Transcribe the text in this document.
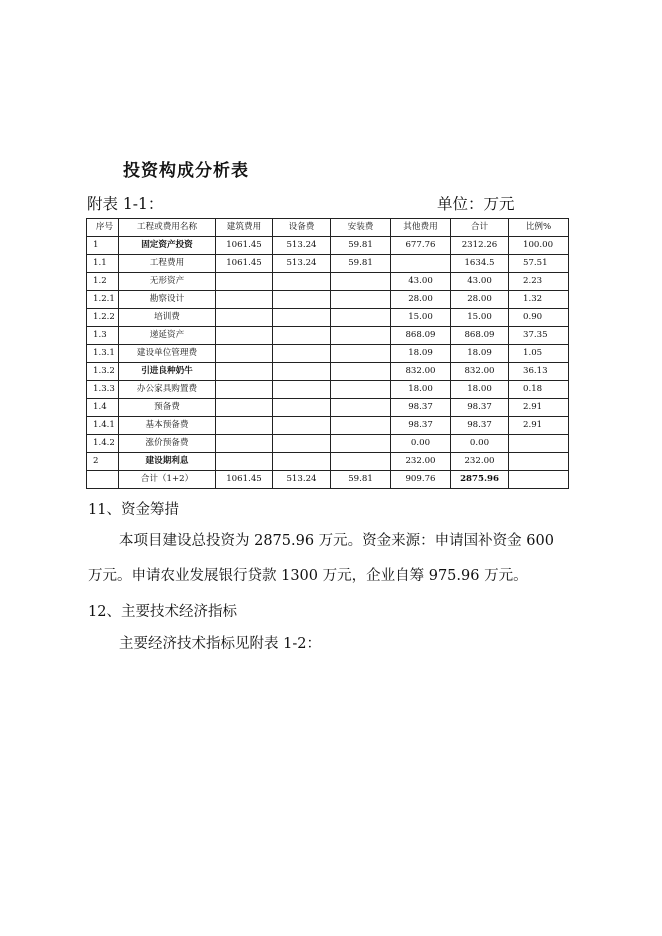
投资构成分析表
附表 1-1：	单位：万元
序号	工程或费用名称	建筑费用	设备费	安装费	其他费用	合计	比例%
1	固定资产投资	1061.45	513.24	59.81	677.76	2312.26	100.00
1.1	工程费用	1061.45	513.24	59.81		1634.5	57.51
1.2	无形资产				43.00	43.00	2.23
1.2.1	勘察设计				28.00	28.00	1.32
1.2.2	培训费				15.00	15.00	0.90
1.3	递延资产				868.09	868.09	37.35
1.3.1	建设单位管理费				18.09	18.09	1.05
1.3.2	引进良种奶牛				832.00	832.00	36.13
1.3.3	办公家具购置费				18.00	18.00	0.18
1.4	预备费				98.37	98.37	2.91
1.4.1	基本预备费				98.37	98.37	2.91
1.4.2	涨价预备费				0.00	0.00	
2	建设期利息				232.00	232.00	
	合计（1+2）	1061.45	513.24	59.81	909.76	2875.96	
11、资金筹措
本项目建设总投资为 2875.96 万元。资金来源：申请国补资金 600
万元。申请农业发展银行贷款 1300 万元，企业自筹 975.96 万元。
12、主要技术经济指标
主要经济技术指标见附表 1-2：
